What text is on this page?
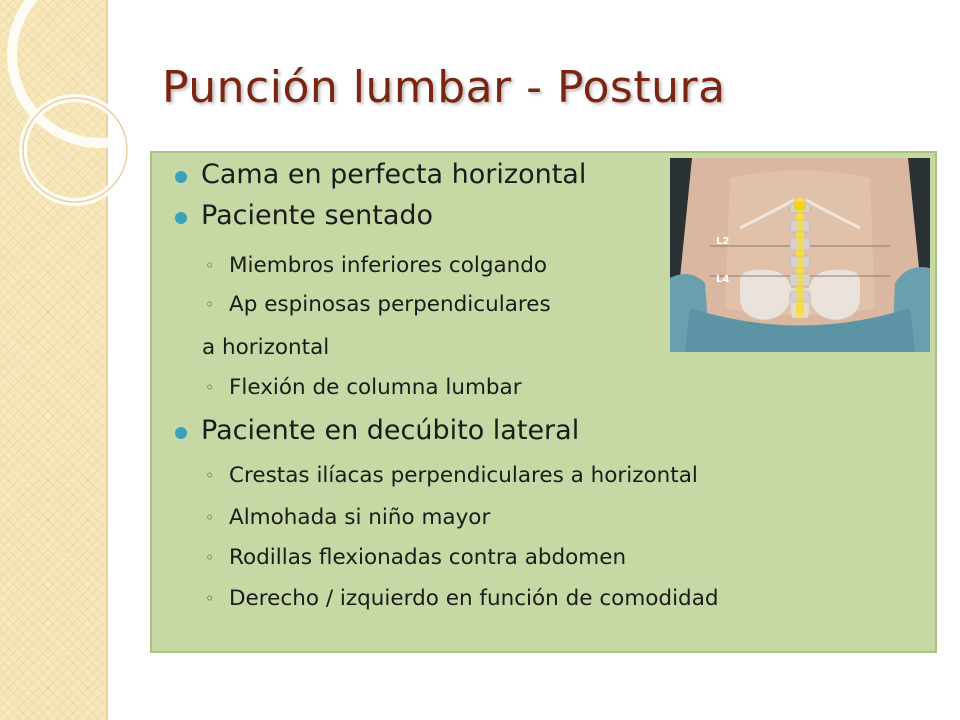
Punción lumbar - Postura
Cama en perfecta horizontal
Paciente sentado
◦ Miembros inferiores colgando
◦ Ap espinosas perpendiculares
a horizontal
◦ Flexión de columna lumbar
Paciente en decúbito lateral
◦ Crestas ilíacas perpendiculares a horizontal
◦ Almohada si niño mayor
◦ Rodillas flexionadas contra abdomen
◦ Derecho / izquierdo en función de comodidad
L2
L4
